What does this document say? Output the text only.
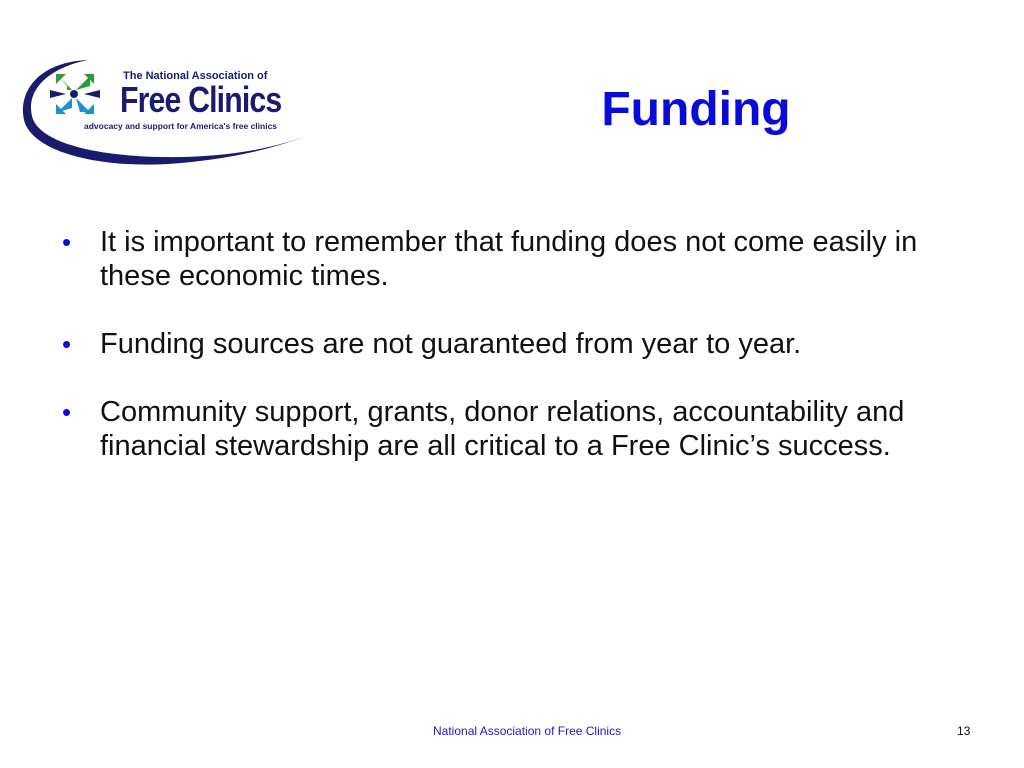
The National Association of
Free Clinics
advocacy and support for America's free clinics	Funding
• It is important to remember that funding does not come easily in these economic times.
• Funding sources are not guaranteed from year to year.
• Community support, grants, donor relations, accountability and financial stewardship are all critical to a Free Clinic’s success.
National Association of Free Clinics	13
